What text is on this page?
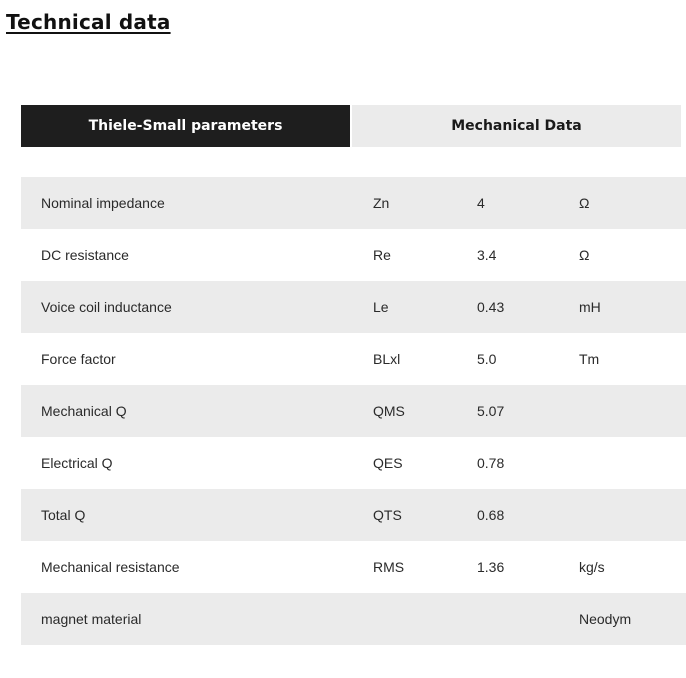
Technical data
Thiele-Small parameters	Mechanical Data
Nominal impedance	Zn	4	Ω
DC resistance	Re	3.4	Ω
Voice coil inductance	Le	0.43	mH
Force factor	BLxl	5.0	Tm
Mechanical Q	QMS	5.07	
Electrical Q	QES	0.78	
Total Q	QTS	0.68	
Mechanical resistance	RMS	1.36	kg/s
magnet material			Neodym
